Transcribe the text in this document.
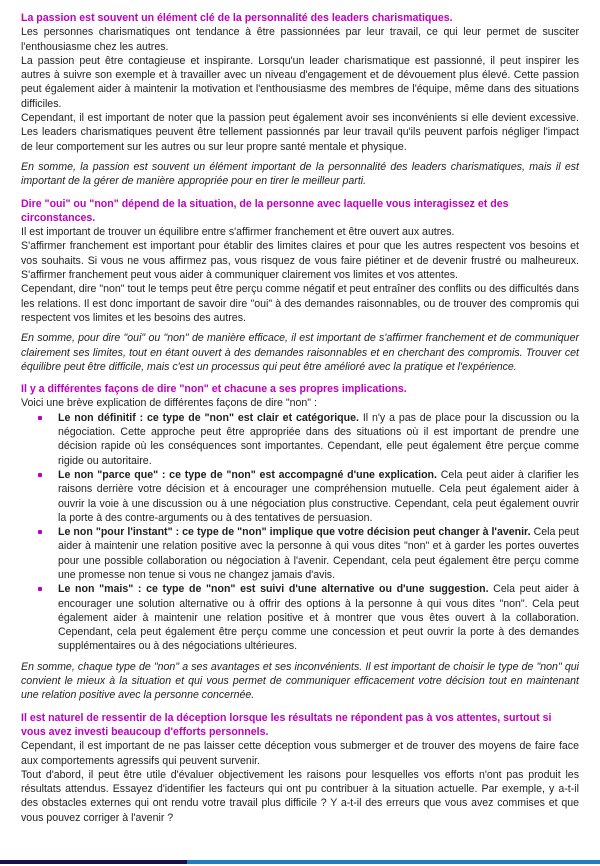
La passion est souvent un élément clé de la personnalité des leaders charismatiques.

Les personnes charismatiques ont tendance à être passionnées par leur travail, ce qui leur permet de susciter l'enthousiasme chez les autres.

La passion peut être contagieuse et inspirante. Lorsqu'un leader charismatique est passionné, il peut inspirer les autres à suivre son exemple et à travailler avec un niveau d'engagement et de dévouement plus élevé. Cette passion peut également aider à maintenir la motivation et l'enthousiasme des membres de l'équipe, même dans des situations difficiles.

Cependant, il est important de noter que la passion peut également avoir ses inconvénients si elle devient excessive. Les leaders charismatiques peuvent être tellement passionnés par leur travail qu'ils peuvent parfois négliger l'impact de leur comportement sur les autres ou sur leur propre santé mentale et physique.

En somme, la passion est souvent un élément important de la personnalité des leaders charismatiques, mais il est important de la gérer de manière appropriée pour en tirer le meilleur parti.

Dire "oui" ou "non" dépend de la situation, de la personne avec laquelle vous interagissez et des circonstances.

Il est important de trouver un équilibre entre s'affirmer franchement et être ouvert aux autres.

S'affirmer franchement est important pour établir des limites claires et pour que les autres respectent vos besoins et vos souhaits. Si vous ne vous affirmez pas, vous risquez de vous faire piétiner et de devenir frustré ou malheureux. S'affirmer franchement peut vous aider à communiquer clairement vos limites et vos attentes.

Cependant, dire "non" tout le temps peut être perçu comme négatif et peut entraîner des conflits ou des difficultés dans les relations. Il est donc important de savoir dire "oui" à des demandes raisonnables, ou de trouver des compromis qui respectent vos limites et les besoins des autres.

En somme, pour dire "oui" ou "non" de manière efficace, il est important de s'affirmer franchement et de communiquer clairement ses limites, tout en étant ouvert à des demandes raisonnables et en cherchant des compromis. Trouver cet équilibre peut être difficile, mais c'est un processus qui peut être amélioré avec la pratique et l'expérience.

Il y a différentes façons de dire "non" et chacune a ses propres implications.

Voici une brève explication de différentes façons de dire "non" :

Le non définitif : ce type de "non" est clair et catégorique. Il n'y a pas de place pour la discussion ou la négociation. Cette approche peut être appropriée dans des situations où il est important de prendre une décision rapide où les conséquences sont importantes. Cependant, elle peut également être perçue comme rigide ou autoritaire.
Le non "parce que" : ce type de "non" est accompagné d'une explication. Cela peut aider à clarifier les raisons derrière votre décision et à encourager une compréhension mutuelle. Cela peut également aider à ouvrir la voie à une discussion ou à une négociation plus constructive. Cependant, cela peut également ouvrir la porte à des contre-arguments ou à des tentatives de persuasion.
Le non "pour l'instant" : ce type de "non" implique que votre décision peut changer à l'avenir. Cela peut aider à maintenir une relation positive avec la personne à qui vous dites "non" et à garder les portes ouvertes pour une possible collaboration ou négociation à l'avenir. Cependant, cela peut également être perçu comme une promesse non tenue si vous ne changez jamais d'avis.
Le non "mais" : ce type de "non" est suivi d'une alternative ou d'une suggestion. Cela peut aider à encourager une solution alternative ou à offrir des options à la personne à qui vous dites "non". Cela peut également aider à maintenir une relation positive et à montrer que vous êtes ouvert à la collaboration. Cependant, cela peut également être perçu comme une concession et peut ouvrir la porte à des demandes supplémentaires ou à des négociations ultérieures.

En somme, chaque type de "non" a ses avantages et ses inconvénients. Il est important de choisir le type de "non" qui convient le mieux à la situation et qui vous permet de communiquer efficacement votre décision tout en maintenant une relation positive avec la personne concernée.

Il est naturel de ressentir de la déception lorsque les résultats ne répondent pas à vos attentes, surtout si vous avez investi beaucoup d'efforts personnels.

Cependant, il est important de ne pas laisser cette déception vous submerger et de trouver des moyens de faire face aux comportements agressifs qui peuvent survenir.

Tout d'abord, il peut être utile d'évaluer objectivement les raisons pour lesquelles vos efforts n'ont pas produit les résultats attendus. Essayez d'identifier les facteurs qui ont pu contribuer à la situation actuelle. Par exemple, y a-t-il des obstacles externes qui ont rendu votre travail plus difficile ? Y a-t-il des erreurs que vous avez commises et que vous pouvez corriger à l'avenir ?
